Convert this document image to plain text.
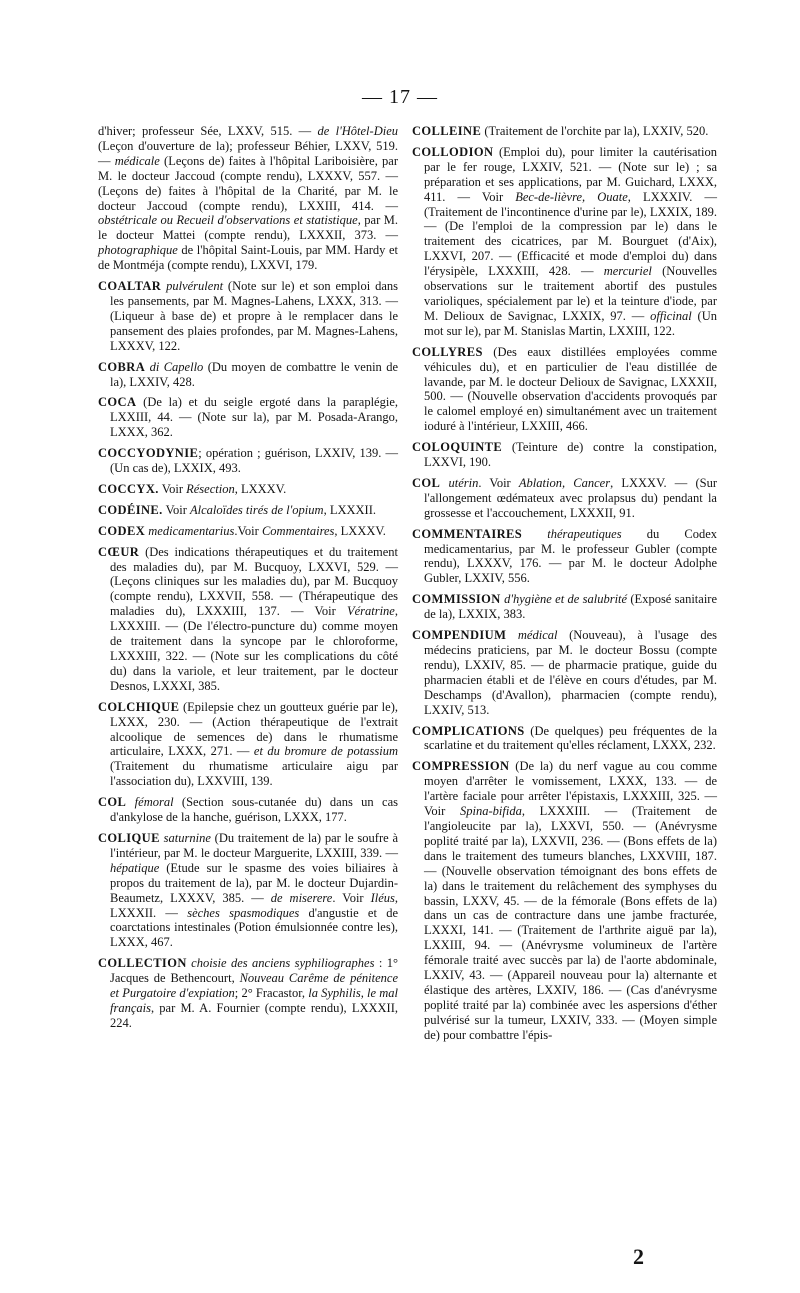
— 17 —

d'hiver; professeur Sée, LXXV, 515. — de l'Hôtel-Dieu (Leçon d'ouverture de la); professeur Béhier, LXXV, 519. — médicale (Leçons de) faites à l'hôpital Lariboisière, par M. le docteur Jaccoud (compte rendu), LXXXV, 557. — (Leçons de) faites à l'hôpital de la Charité, par M. le docteur Jaccoud (compte rendu), LXXIII, 414. — obstétricale ou Recueil d'observations et statistique, par M. le docteur Mattei (compte rendu), LXXXII, 373. — photographique de l'hôpital Saint-Louis, par MM. Hardy et de Montméja (compte rendu), LXXVI, 179.

COALTAR pulvérulent (Note sur le) et son emploi dans les pansements, par M. Magnes-Lahens, LXXX, 313. — (Liqueur à base de) et propre à le remplacer dans le pansement des plaies profondes, par M. Magnes-Lahens, LXXXV, 122.

COBRA di Capello (Du moyen de combattre le venin de la), LXXIV, 428.

COCA (De la) et du seigle ergoté dans la paraplégie, LXXIII, 44. — (Note sur la), par M. Posada-Arango, LXXX, 362.

COCCYODYNIE; opération ; guérison, LXXIV, 139. — (Un cas de), LXXIX, 493.

COCCYX. Voir Résection, LXXXV.

CODÉINE. Voir Alcaloïdes tirés de l'opium, LXXXII.

CODEX medicamentarius.Voir Commentaires, LXXXV.

CŒUR (Des indications thérapeutiques et du traitement des maladies du), par M. Bucquoy, LXXVI, 529. — (Leçons cliniques sur les maladies du), par M. Bucquoy (compte rendu), LXXVII, 558. — (Thérapeutique des maladies du), LXXXIII, 137. — Voir Vératrine, LXXXIII. — (De l'électro-puncture du) comme moyen de traitement dans la syncope par le chloroforme, LXXXIII, 322. — (Note sur les complications du côté du) dans la variole, et leur traitement, par le docteur Desnos, LXXXI, 385.

COLCHIQUE (Epilepsie chez un goutteux guérie par le), LXXX, 230. — (Action thérapeutique de l'extrait alcoolique de semences de) dans le rhumatisme articulaire, LXXX, 271. — et du bromure de potassium (Traitement du rhumatisme articulaire aigu par l'association du), LXXVIII, 139.

COL fémoral (Section sous-cutanée du) dans un cas d'ankylose de la hanche, guérison, LXXX, 177.

COLIQUE saturnine (Du traitement de la) par le soufre à l'intérieur, par M. le docteur Marguerite, LXXIII, 339. — hépatique (Etude sur le spasme des voies biliaires à propos du traitement de la), par M. le docteur Dujardin-Beaumetz, LXXXV, 385. — de miserere. Voir Iléus, LXXXII. — sèches spasmodiques d'angustie et de coarctations intestinales (Potion émulsionnée contre les), LXXX, 467.

COLLECTION choisie des anciens syphiliographes : 1° Jacques de Bethencourt, Nouveau Carême de pénitence et Purgatoire d'expiation; 2° Fracastor, la Syphilis, le mal français, par M. A. Fournier (compte rendu), LXXXII, 224.

COLLEINE (Traitement de l'orchite par la), LXXIV, 520.

COLLODION (Emploi du), pour limiter la cautérisation par le fer rouge, LXXIV, 521. — (Note sur le) ; sa préparation et ses applications, par M. Guichard, LXXX, 411. — Voir Bec-de-lièvre, Ouate, LXXXIV. — (Traitement de l'incontinence d'urine par le), LXXIX, 189. — (De l'emploi de la compression par le) dans le traitement des cicatrices, par M. Bourguet (d'Aix), LXXVI, 207. — (Efficacité et mode d'emploi du) dans l'érysipèle, LXXXIII, 428. — mercuriel (Nouvelles observations sur le traitement abortif des pustules varioliques, spécialement par le) et la teinture d'iode, par M. Delioux de Savignac, LXXIX, 97. — officinal (Un mot sur le), par M. Stanislas Martin, LXXIII, 122.

COLLYRES (Des eaux distillées employées comme véhicules du), et en particulier de l'eau distillée de lavande, par M. le docteur Delioux de Savignac, LXXXII, 500. — (Nouvelle observation d'accidents provoqués par le calomel employé en) simultanément avec un traitement ioduré à l'intérieur, LXXIII, 466.

COLOQUINTE (Teinture de) contre la constipation, LXXVI, 190.

COL utérin. Voir Ablation, Cancer, LXXXV. — (Sur l'allongement œdémateux avec prolapsus du) pendant la grossesse et l'accouchement, LXXXII, 91.

COMMENTAIRES thérapeutiques du Codex medicamentarius, par M. le professeur Gubler (compte rendu), LXXXV, 176. — par M. le docteur Adolphe Gubler, LXXIV, 556.

COMMISSION d'hygiène et de salubrité (Exposé sanitaire de la), LXXIX, 383.

COMPENDIUM médical (Nouveau), à l'usage des médecins praticiens, par M. le docteur Bossu (compte rendu), LXXIV, 85. — de pharmacie pratique, guide du pharmacien établi et de l'élève en cours d'études, par M. Deschamps (d'Avallon), pharmacien (compte rendu), LXXIV, 513.

COMPLICATIONS (De quelques) peu fréquentes de la scarlatine et du traitement qu'elles réclament, LXXX, 232.

COMPRESSION (De la) du nerf vague au cou comme moyen d'arrêter le vomissement, LXXX, 133. — de l'artère faciale pour arrêter l'épistaxis, LXXXIII, 325. — Voir Spina-bifida, LXXXIII. — (Traitement de l'angioleucite par la), LXXVI, 550. — (Anévrysme poplité traité par la), LXXVII, 236. — (Bons effets de la) dans le traitement des tumeurs blanches, LXXVIII, 187. — (Nouvelle observation témoignant des bons effets de la) dans le traitement du relâchement des symphyses du bassin, LXXV, 45. — de la fémorale (Bons effets de la) dans un cas de contracture dans une jambe fracturée, LXXXI, 141. — (Traitement de l'arthrite aiguë par la), LXXIII, 94. — (Anévrysme volumineux de l'artère fémorale traité avec succès par la) de l'aorte abdominale, LXXIV, 43. — (Appareil nouveau pour la) alternante et élastique des artères, LXXIV, 186. — (Cas d'anévrysme poplité traité par la) combinée avec les aspersions d'éther pulvérisé sur la tumeur, LXXIV, 333. — (Moyen simple de) pour combattre l'épis-

2
